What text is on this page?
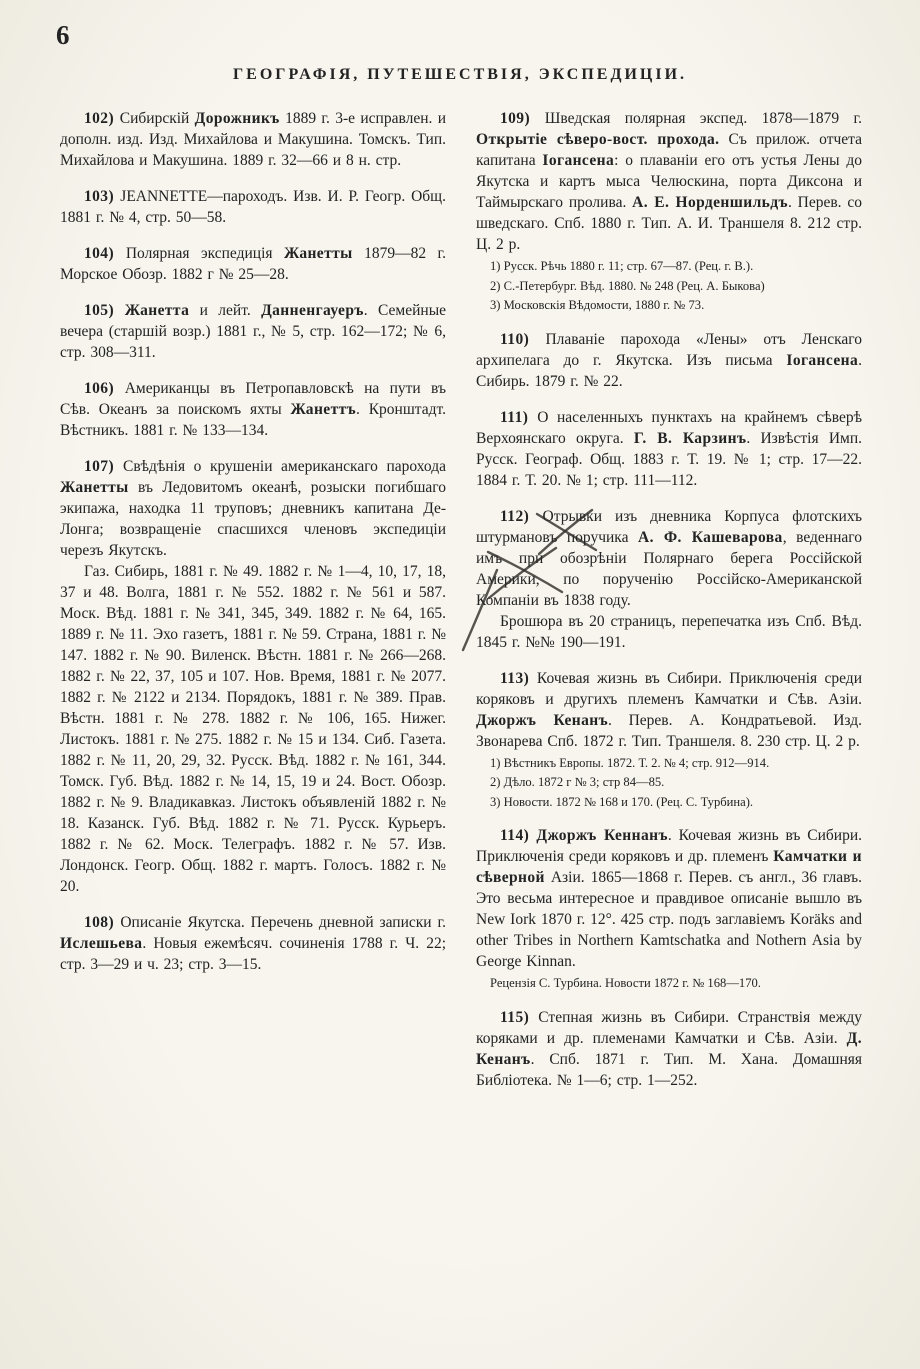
6
ГЕОГРАФІЯ, ПУТЕШЕСТВІЯ, ЭКСПЕДИЦІИ.

102) Сибирскій Дорожникъ 1889 г. 3-е исправлен. и дополн. изд. Изд. Михайлова и Макушина. Томскъ. Тип. Михайлова и Макушина. 1889 г. 32—66 и 8 н. стр.

103) JEANNETTE—пароходъ. Изв. И. Р. Геогр. Общ. 1881 г. № 4, стр. 50—58.

104) Полярная экспедиція Жанетты 1879—82 г. Морское Обозр. 1882 г № 25—28.

105) Жанетта и лейт. Данненгауеръ. Семейные вечера (старшій возр.) 1881 г., № 5, стр. 162—172; № 6, стр. 308—311.

106) Американцы въ Петропавловскѣ на пути въ Сѣв. Океанъ за поискомъ яхты Жанеттъ. Кронштадт. Вѣстникъ. 1881 г. № 133—134.

107) Свѣдѣнія о крушеніи американскаго парохода Жанетты въ Ледовитомъ океанѣ, розыски погибшаго экипажа, находка 11 труповъ; дневникъ капитана Де-Лонга; возвращеніе спасшихся членовъ экспедиціи черезъ Якутскъ.

Газ. Сибирь, 1881 г. № 49. 1882 г. № 1—4, 10, 17, 18, 37 и 48. Волга, 1881 г. № 552. 1882 г. № 561 и 587. Моск. Вѣд. 1881 г. № 341, 345, 349. 1882 г. № 64, 165. 1889 г. № 11. Эхо газетъ, 1881 г. № 59. Страна, 1881 г. № 147. 1882 г. № 90. Виленск. Вѣстн. 1881 г. № 266—268. 1882 г. № 22, 37, 105 и 107. Нов. Время, 1881 г. № 2077. 1882 г. № 2122 и 2134. Порядокъ, 1881 г. № 389. Прав. Вѣстн. 1881 г. № 278. 1882 г. № 106, 165. Нижег. Листокъ. 1881 г. № 275. 1882 г. № 15 и 134. Сиб. Газета. 1882 г. № 11, 20, 29, 32. Русск. Вѣд. 1882 г. № 161, 344. Томск. Губ. Вѣд. 1882 г. № 14, 15, 19 и 24. Вост. Обозр. 1882 г. № 9. Владикавказ. Листокъ объявленій 1882 г. № 18. Казанск. Губ. Вѣд. 1882 г. № 71. Русск. Курьеръ. 1882 г. № 62. Моск. Телеграфъ. 1882 г. № 57. Изв. Лондонск. Геогр. Общ. 1882 г. мартъ. Голосъ. 1882 г. № 20.

108) Описаніе Якутска. Перечень дневной записки г. Ислешьева. Новыя ежемѣсяч. сочиненія 1788 г. Ч. 22; стр. 3—29 и ч. 23; стр. 3—15.

109) Шведская полярная экспед. 1878—1879 г. Открытіе сѣверо-вост. прохода. Съ прилож. отчета капитана Іогансена: о плаваніи его отъ устья Лены до Якутска и картъ мыса Челюскина, порта Диксона и Таймырскаго пролива. А. Е. Норденшильдъ. Перев. со шведскаго. Спб. 1880 г. Тип. А. И. Траншеля 8. 212 стр. Ц. 2 р.

1) Русск. Рѣчь 1880 г. 11; стр. 67—87. (Рец. г. В.).

2) С.-Петербург. Вѣд. 1880. № 248 (Рец. А. Быкова)

3) Московскія Вѣдомости, 1880 г. № 73.

110) Плаваніе парохода «Лены» отъ Ленскаго архипелага до г. Якутска. Изъ письма Іогансена. Сибирь. 1879 г. № 22.

111) О населенныхъ пунктахъ на крайнемъ сѣверѣ Верхоянскаго округа. Г. В. Карзинъ. Извѣстія Имп. Русск. Географ. Общ. 1883 г. Т. 19. № 1; стр. 17—22. 1884 г. Т. 20. № 1; стр. 111—112.

112) Отрывки изъ дневника Корпуса флотскихъ штурмановъ поручика А. Ф. Кашеварова, веденнаго имъ при обозрѣніи Полярнаго берега Россійской Америки, по порученію Россійско-Американской Компаніи въ 1838 году.

Брошюра въ 20 страницъ, перепечатка изъ Спб. Вѣд. 1845 г. №№ 190—191.

113) Кочевая жизнь въ Сибири. Приключенія среди коряковъ и другихъ племенъ Камчатки и Сѣв. Азіи. Джоржъ Кенанъ. Перев. А. Кондратьевой. Изд. Звонарева Спб. 1872 г. Тип. Траншеля. 8. 230 стр. Ц. 2 р.

1) Вѣстникъ Европы. 1872. Т. 2. № 4; стр. 912—914.

2) Дѣло. 1872 г № 3; стр 84—85.

3) Новости. 1872 № 168 и 170. (Рец. С. Турбина).

114) Джоржъ Кеннанъ. Кочевая жизнь въ Сибири. Приключенія среди коряковъ и др. племенъ Камчатки и сѣверной Азіи. 1865—1868 г. Перев. съ англ., 36 главъ. Это весьма интересное и правдивое описаніе вышло въ New Iork 1870 г. 12°. 425 стр. подъ заглавіемъ Koräks and other Tribes in Northern Kamtschatka and Nothern Asia by George Kinnan.

Рецензія С. Турбина. Новости 1872 г. № 168—170.

115) Степная жизнь въ Сибири. Странствія между коряками и др. племенами Камчатки и Сѣв. Азіи. Д. Кенанъ. Спб. 1871 г. Тип. М. Хана. Домашняя Библіотека. № 1—6; стр. 1—252.
